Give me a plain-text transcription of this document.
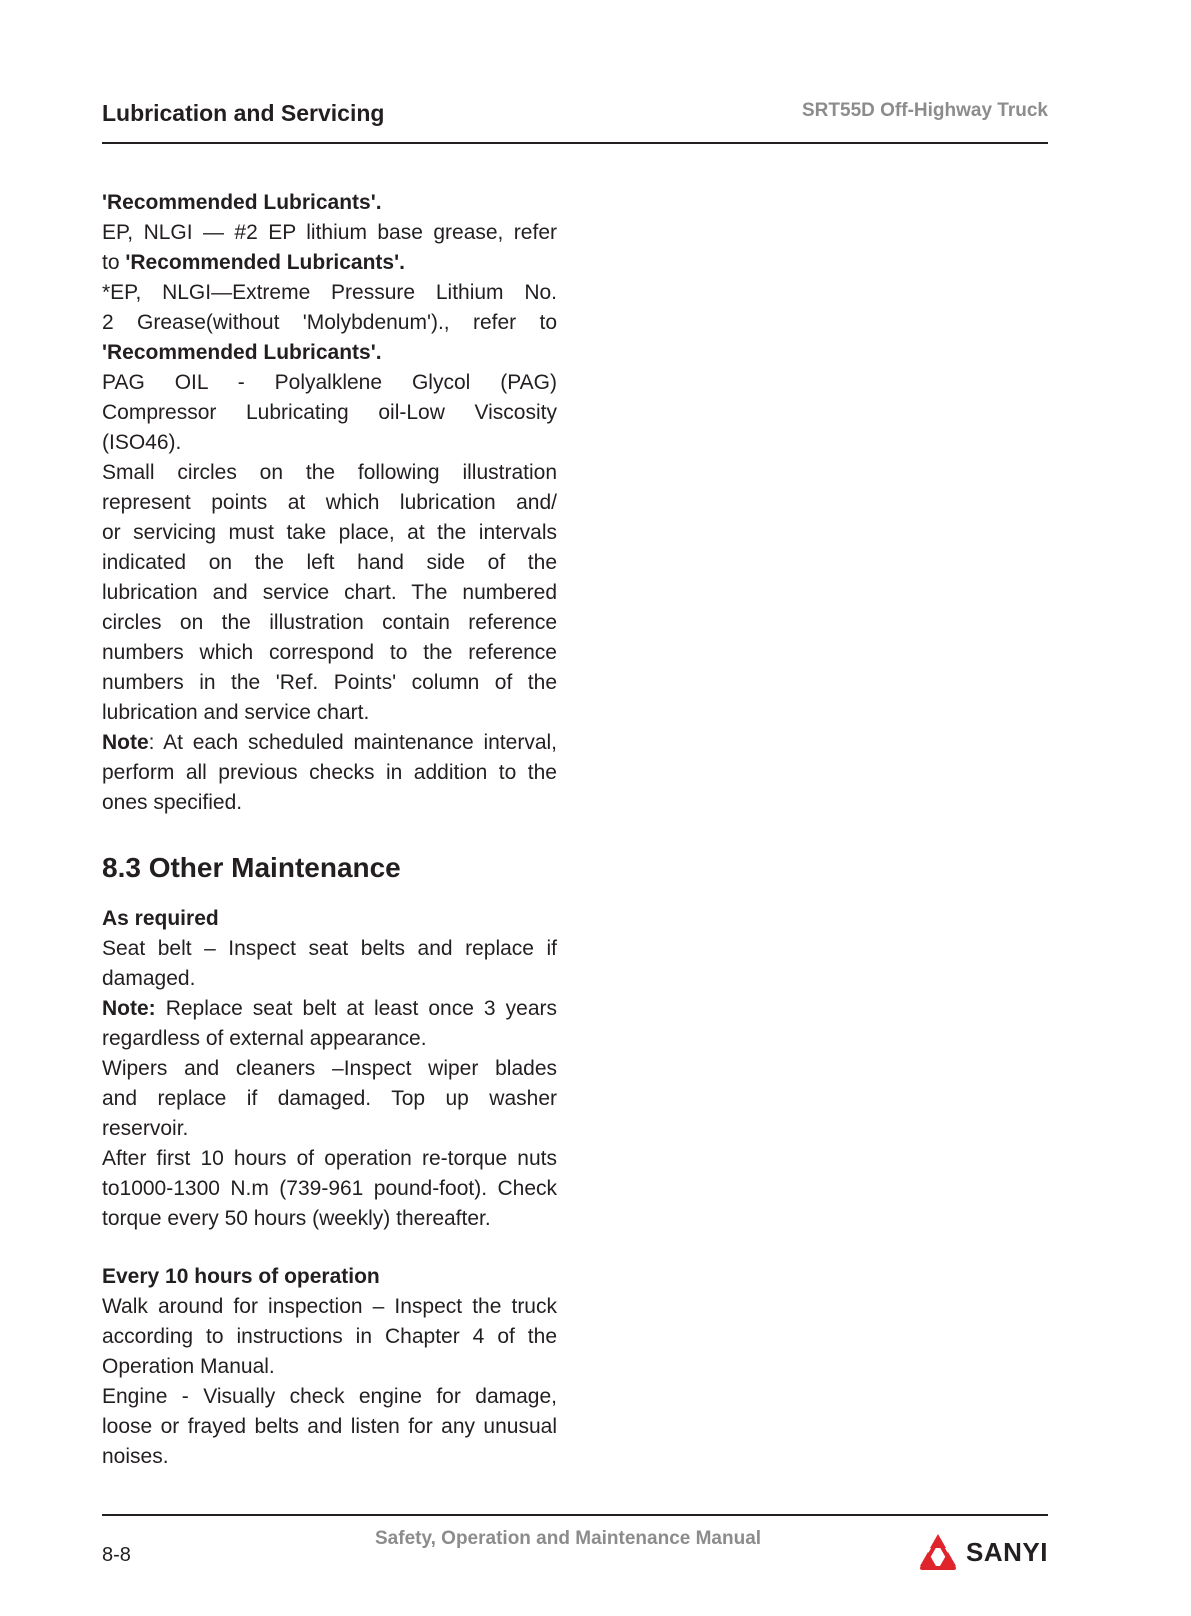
Lubrication and Servicing	SRT55D Off-Highway Truck
'Recommended Lubricants'.
EP, NLGI — #2 EP lithium base grease, refer
to 'Recommended Lubricants'.
*EP, NLGI—Extreme Pressure Lithium No.
2 Grease(without 'Molybdenum')., refer to
'Recommended Lubricants'.
PAG OIL - Polyalklene Glycol (PAG)
Compressor Lubricating oil-Low Viscosity
(ISO46).
Small circles on the following illustration
represent points at which lubrication and/
or servicing must take place, at the intervals
indicated on the left hand side of the
lubrication and service chart. The numbered
circles on the illustration contain reference
numbers which correspond to the reference
numbers in the 'Ref. Points' column of the
lubrication and service chart.
Note: At each scheduled maintenance interval,
perform all previous checks in addition to the
ones specified.
8.3 Other Maintenance
As required
Seat belt – Inspect seat belts and replace if
damaged.
Note: Replace seat belt at least once 3 years
regardless of external appearance.
Wipers and cleaners –Inspect wiper blades
and replace if damaged. Top up washer
reservoir.
After first 10 hours of operation re-torque nuts
to1000-1300 N.m (739-961 pound-foot). Check
torque every 50 hours (weekly) thereafter.
Every 10 hours of operation
Walk around for inspection – Inspect the truck
according to instructions in Chapter 4 of the
Operation Manual.
Engine - Visually check engine for damage,
loose or frayed belts and listen for any unusual
noises.
8-8
Safety, Operation and Maintenance Manual	SANYI
